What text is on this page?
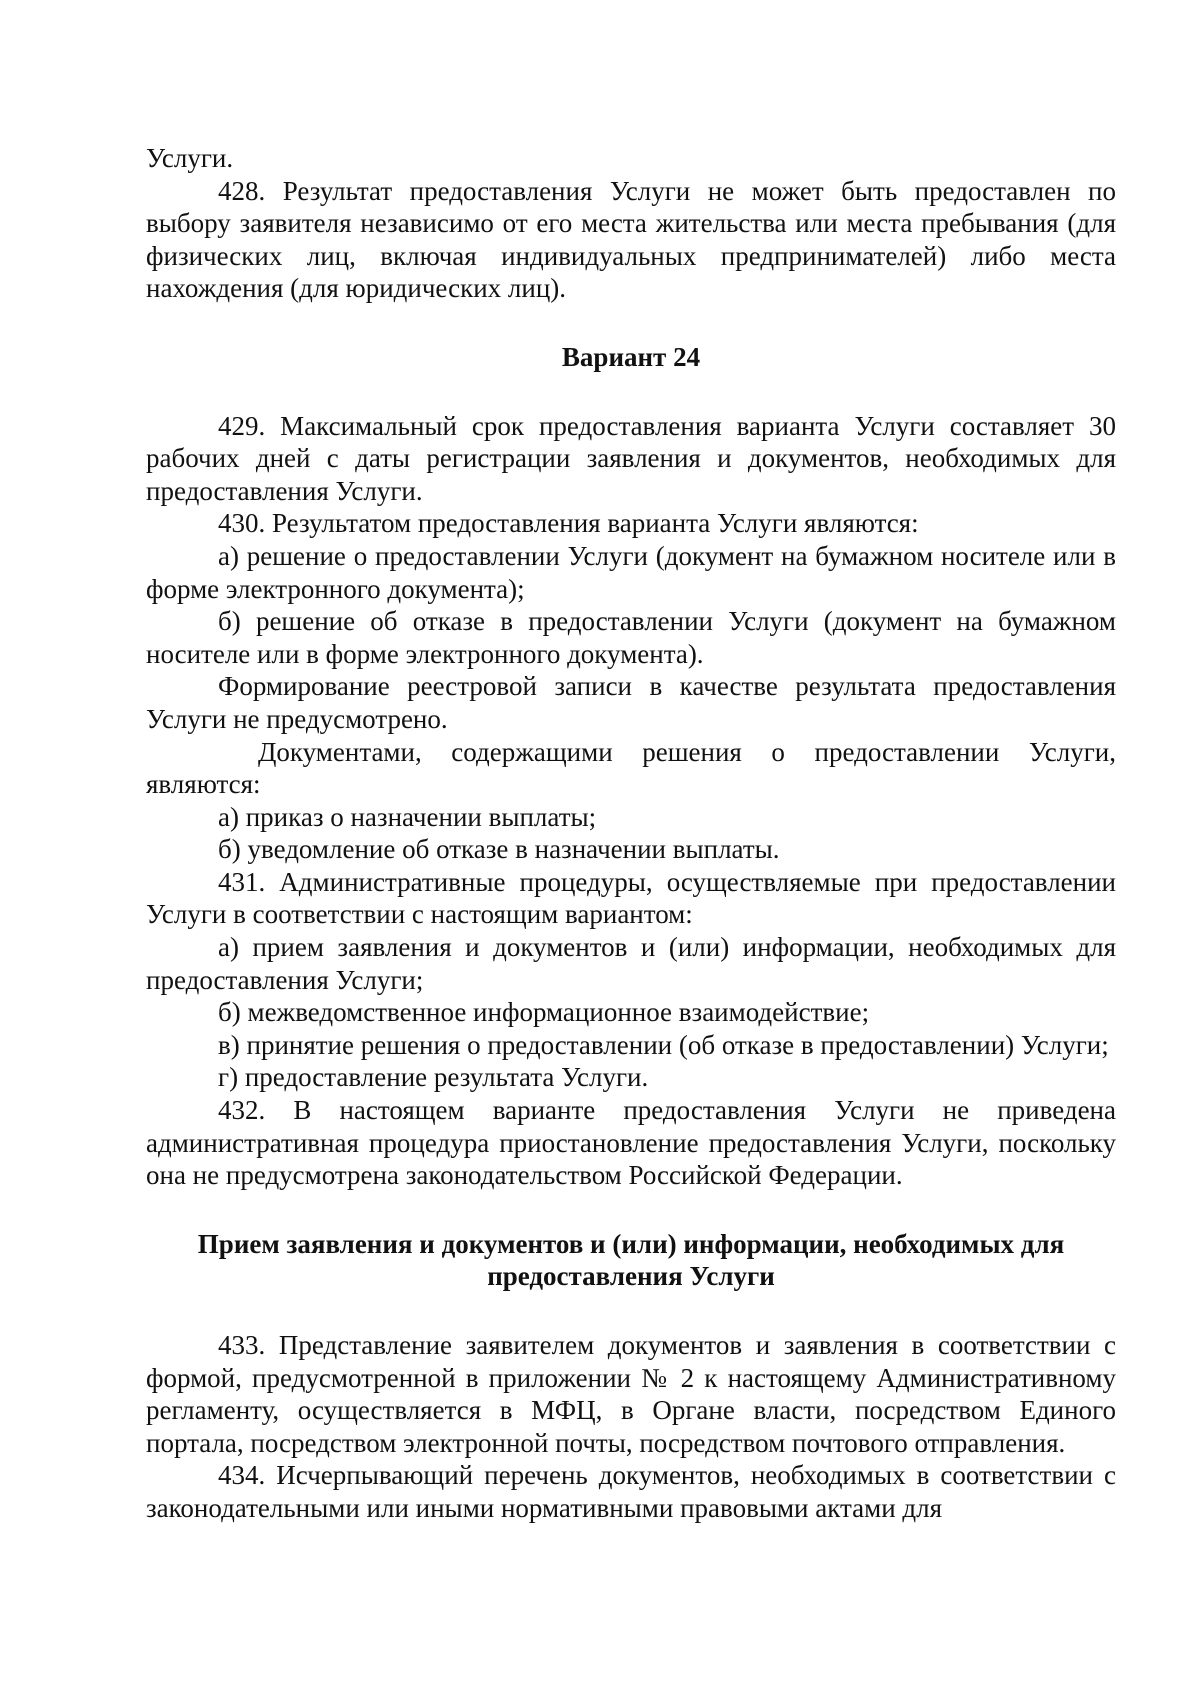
Услуги.

428. Результат предоставления Услуги не может быть предоставлен по выбору заявителя независимо от его места жительства или места пребывания (для физических лиц, включая индивидуальных предпринимателей) либо места нахождения (для юридических лиц).

Вариант 24

429. Максимальный срок предоставления варианта Услуги составляет 30 рабочих дней с даты регистрации заявления и документов, необходимых для предоставления Услуги.

430. Результатом предоставления варианта Услуги являются:

а) решение о предоставлении Услуги (документ на бумажном носителе или в форме электронного документа);

б) решение об отказе в предоставлении Услуги (документ на бумажном носителе или в форме электронного документа).

Формирование реестровой записи в качестве результата предоставления Услуги не предусмотрено.

Документами, содержащими решения о предоставлении Услуги, являются:

а) приказ о назначении выплаты;

б) уведомление об отказе в назначении выплаты.

431. Административные процедуры, осуществляемые при предоставлении Услуги в соответствии с настоящим вариантом:

а) прием заявления и документов и (или) информации, необходимых для предоставления Услуги;

б) межведомственное информационное взаимодействие;

в) принятие решения о предоставлении (об отказе в предоставлении) Услуги;

г) предоставление результата Услуги.

432. В настоящем варианте предоставления Услуги не приведена административная процедура приостановление предоставления Услуги, поскольку она не предусмотрена законодательством Российской Федерации.

Прием заявления и документов и (или) информации, необходимых для предоставления Услуги

433. Представление заявителем документов и заявления в соответствии с формой, предусмотренной в приложении № 2 к настоящему Административному регламенту, осуществляется в МФЦ, в Органе власти, посредством Единого портала, посредством электронной почты, посредством почтового отправления.

434. Исчерпывающий перечень документов, необходимых в соответствии с законодательными или иными нормативными правовыми актами для
